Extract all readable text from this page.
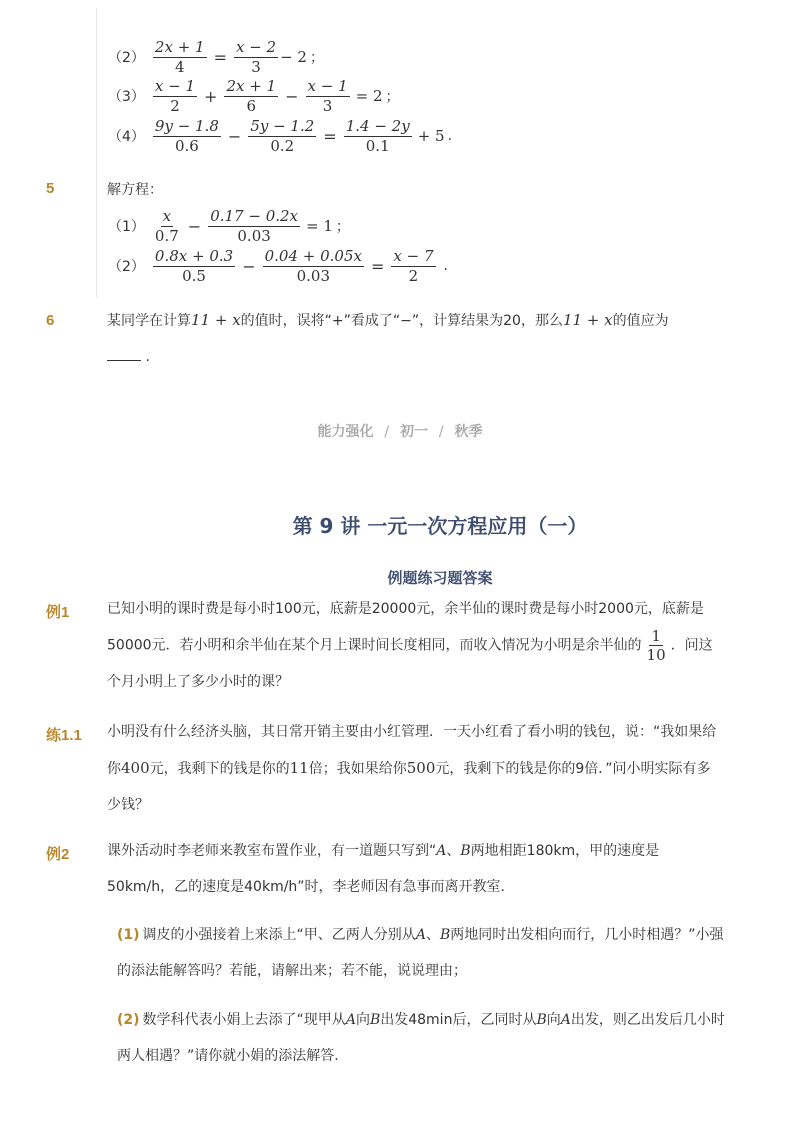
$(2) \frac{2x + 1}{4} = \frac{x - 2}{3} - 2$ ；
$(3) \frac{x - 1}{2} + \frac{2x + 1}{6} - \frac{x - 1}{3} = 2$ ；
$(4) \frac{9y - 1.8}{0.6} - \frac{5y - 1.2}{0.2} = \frac{1.4 - 2y}{0.1} + 5$ .
5	解方程：
$(1) \frac{x}{0.7} - \frac{0.17 - 0.2x}{0.03} = 1$ ；
$(2) \frac{0.8x + 0.3}{0.5} - \frac{0.04 + 0.05x}{0.03} = \frac{x - 7}{2}$ .
6	某同学在计算11 + x的值时，误将“+”看成了“−”，计算结果为20，那么11 + x的值应为
.
能力强化 / 初一 / 秋季
第 9 讲 一元一次方程应用（一）
例题练习题答案
例1	已知小明的课时费是每小时100元，底薪是20000元，余半仙的课时费是每小时2000元，底薪是50000元．若小明和余半仙在某个月上课时间长度相同，而收入情况为小明是余半仙的 $\frac{1}{10}$ ．问这个月小明上了多少小时的课？
练1.1 小明没有什么经济头脑，其日常开销主要由小红管理．一天小红看了看小明的钱包，说：“我如果给你400元，我剩下的钱是你的11倍；我如果给你500元，我剩下的钱是你的9倍．”问小明实际有多少钱？
例2	课外活动时李老师来教室布置作业，有一道题只写到“A、B两地相距180km，甲的速度是50km/h，乙的速度是40km/h”时，李老师因有急事而离开教室．
(1) 调皮的小强接着上来添上“甲、乙两人分别从A、B两地同时出发相向而行，几小时相遇？”小强的添法能解答吗？若能，请解出来；若不能，说说理由；
(2) 数学科代表小娟上去添了“现甲从A向B出发48min后，乙同时从B向A出发，则乙出发后几小时两人相遇？”请你就小娟的添法解答.
